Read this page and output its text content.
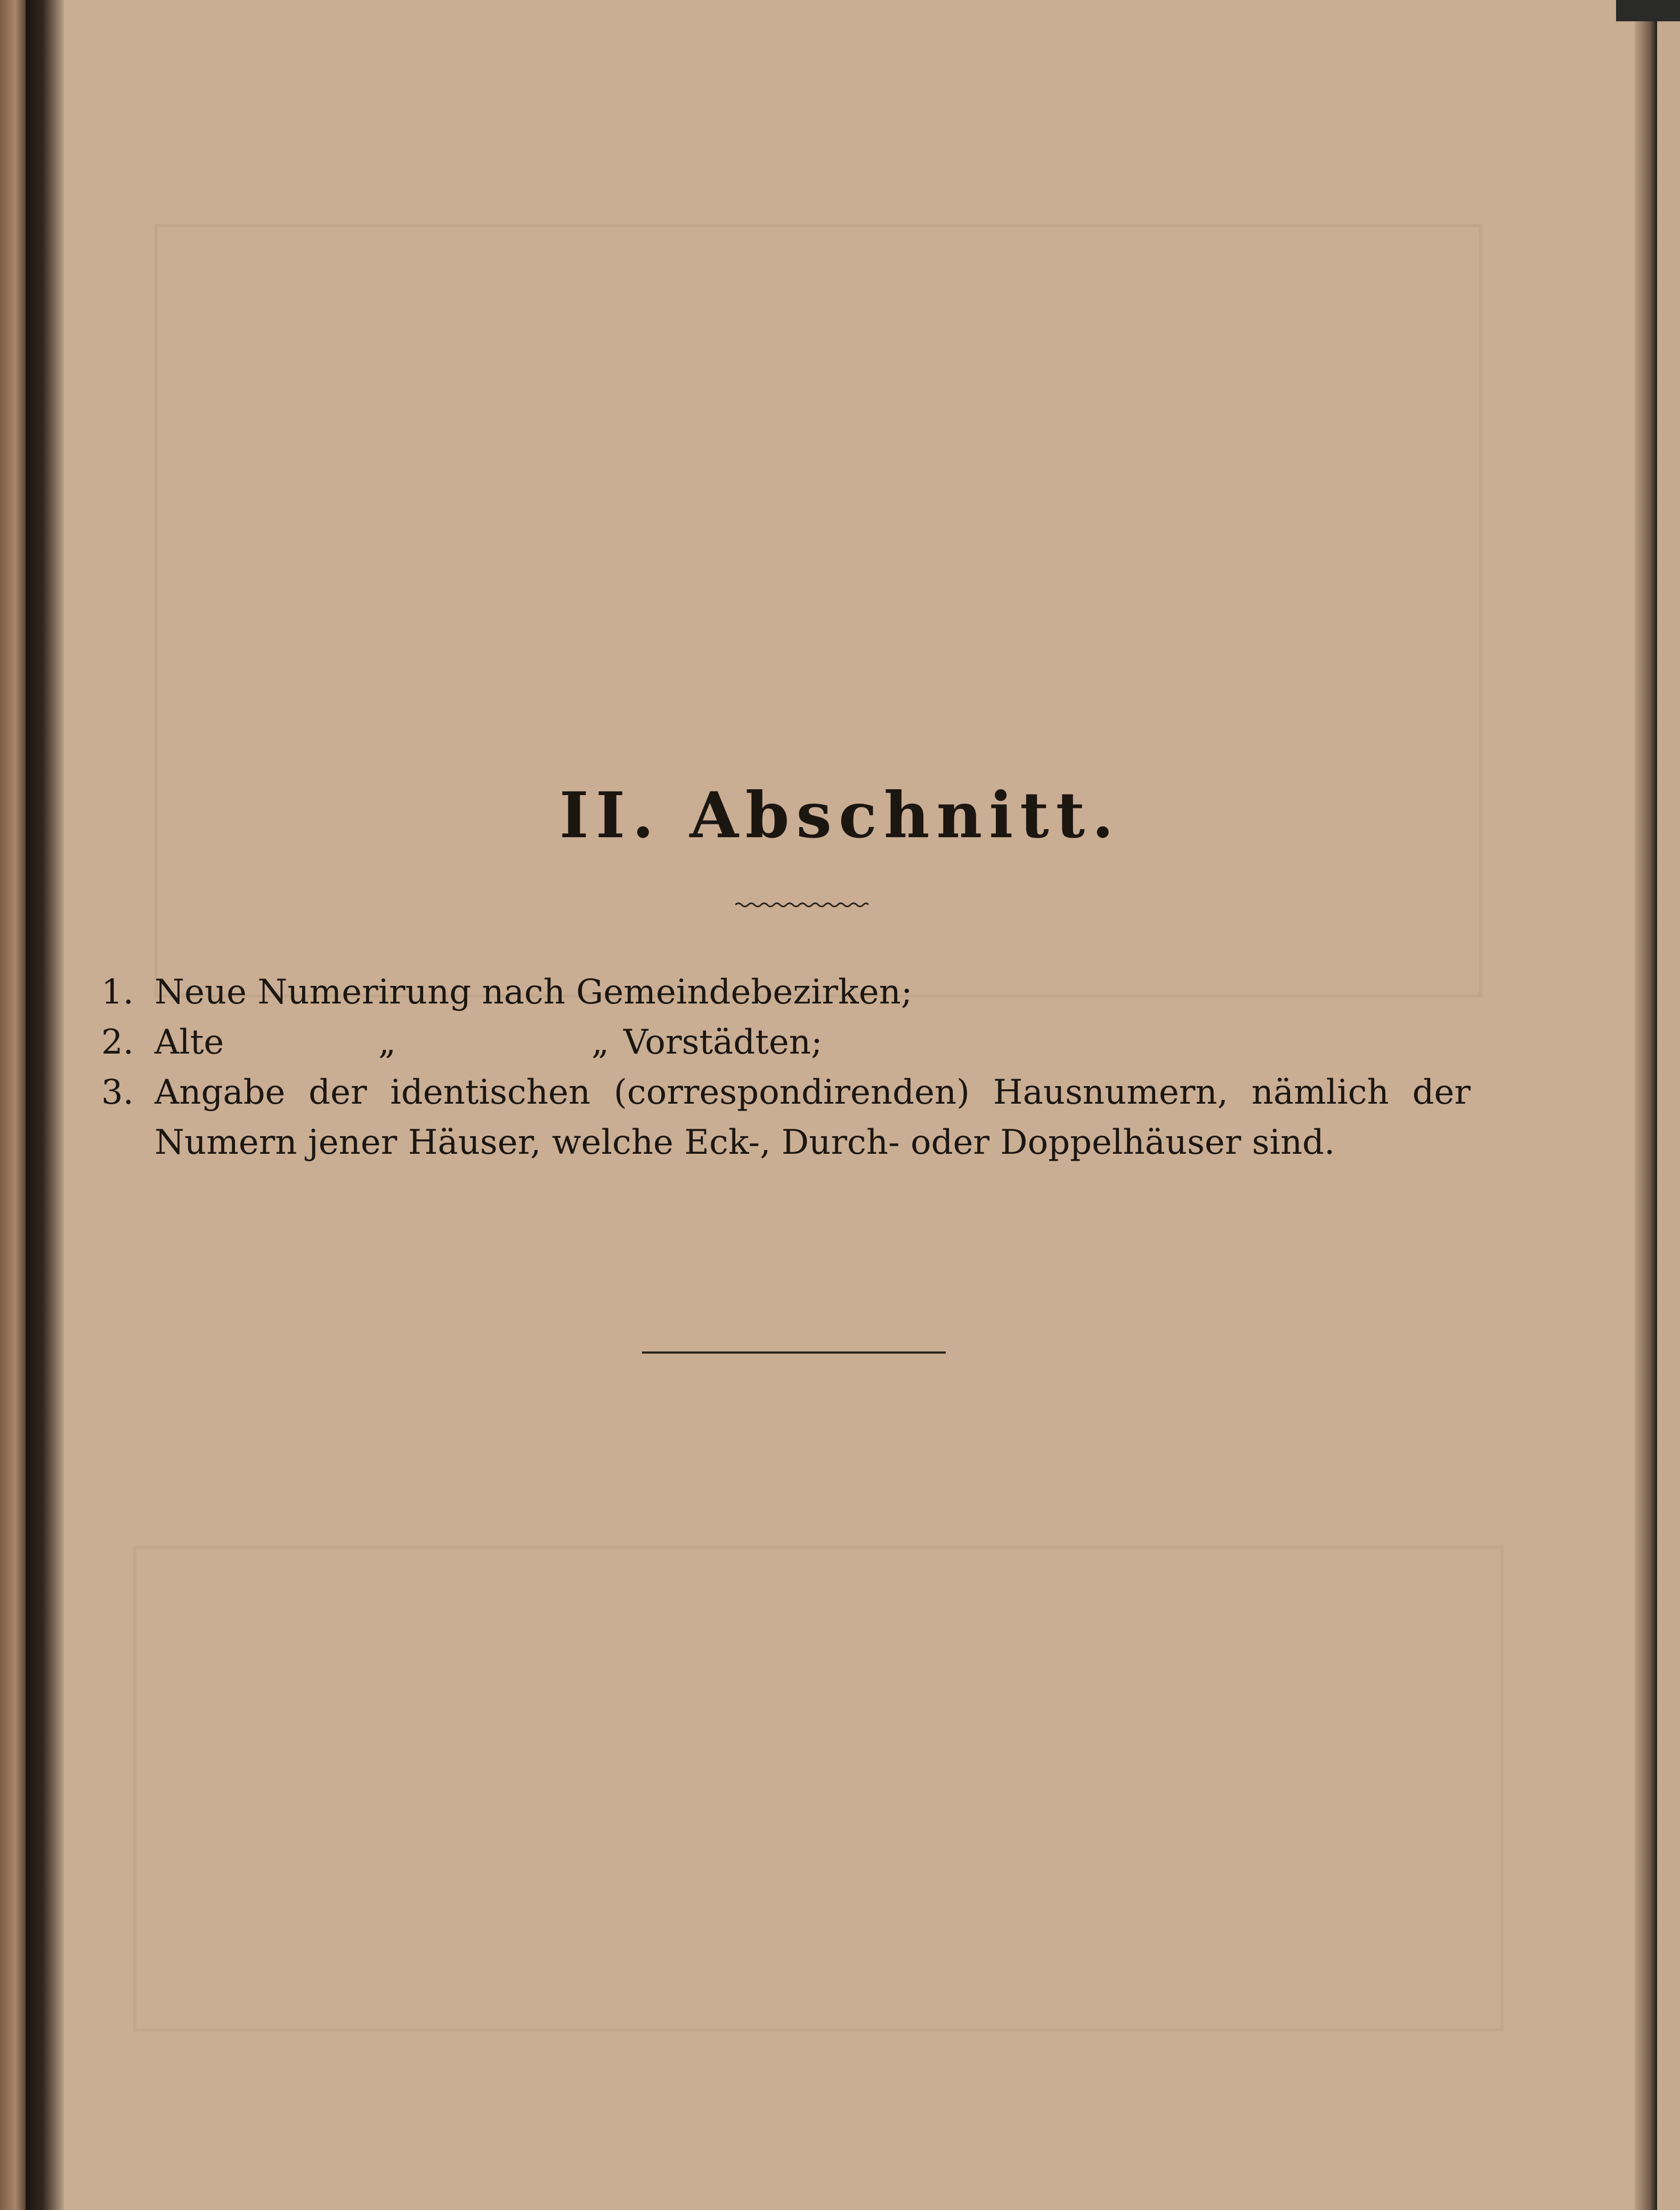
II. Abschnitt.
1. Neue Numerirung nach Gemeindebezirken;
2. Alte	„	„ Vorstädten;
3. Angabe der identischen (correspondirenden) Hausnumern, nämlich der Numern jener Häuser, welche Eck-, Durch- oder Doppelhäuser sind.
